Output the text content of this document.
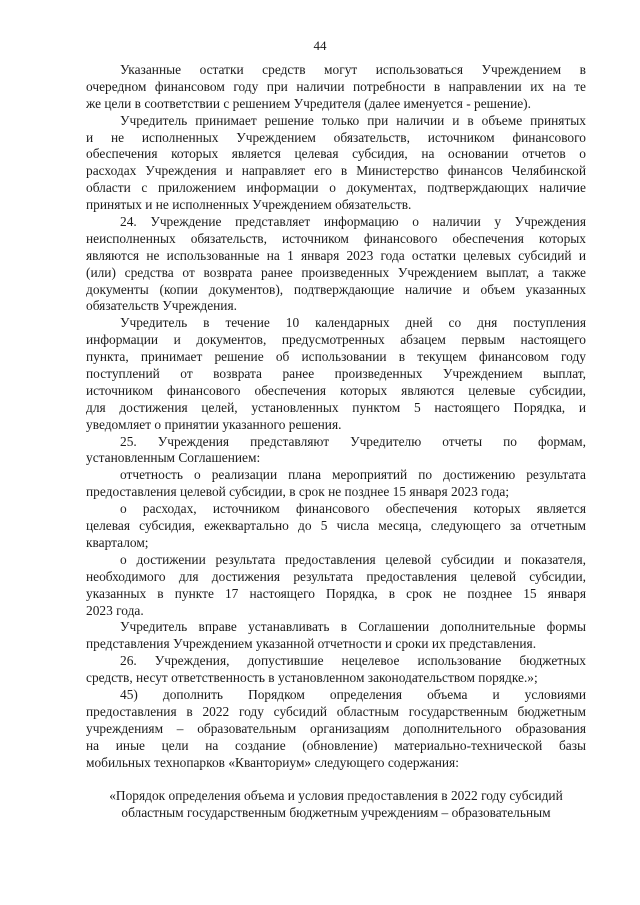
44
Указанные остатки средств могут использоваться Учреждением в
очередном финансовом году при наличии потребности в направлении их на те
же цели в соответствии с решением Учредителя (далее именуется - решение).
Учредитель принимает решение только при наличии и в объеме принятых
и не исполненных Учреждением обязательств, источником финансового
обеспечения которых является целевая субсидия, на основании отчетов о
расходах Учреждения и направляет его в Министерство финансов Челябинской
области с приложением информации о документах, подтверждающих наличие
принятых и не исполненных Учреждением обязательств.
24. Учреждение представляет информацию о наличии у Учреждения
неисполненных обязательств, источником финансового обеспечения которых
являются не использованные на 1 января 2023 года остатки целевых субсидий и
(или) средства от возврата ранее произведенных Учреждением выплат, а также
документы (копии документов), подтверждающие наличие и объем указанных
обязательств Учреждения.
Учредитель в течение 10 календарных дней со дня поступления
информации и документов, предусмотренных абзацем первым настоящего
пункта, принимает решение об использовании в текущем финансовом году
поступлений от возврата ранее произведенных Учреждением выплат,
источником финансового обеспечения которых являются целевые субсидии,
для достижения целей, установленных пунктом 5 настоящего Порядка, и
уведомляет о принятии указанного решения.
25. Учреждения представляют Учредителю отчеты по формам,
установленным Соглашением:
отчетность о реализации плана мероприятий по достижению результата
предоставления целевой субсидии, в срок не позднее 15 января 2023 года;
о расходах, источником финансового обеспечения которых является
целевая субсидия, ежеквартально до 5 числа месяца, следующего за отчетным
кварталом;
о достижении результата предоставления целевой субсидии и показателя,
необходимого для достижения результата предоставления целевой субсидии,
указанных в пункте 17 настоящего Порядка, в срок не позднее 15 января
2023 года.
Учредитель вправе устанавливать в Соглашении дополнительные формы
представления Учреждением указанной отчетности и сроки их представления.
26. Учреждения, допустившие нецелевое использование бюджетных
средств, несут ответственность в установленном законодательством порядке.»;
45) дополнить Порядком определения объема и условиями
предоставления в 2022 году субсидий областным государственным бюджетным
учреждениям – образовательным организациям дополнительного образования
на иные цели на создание (обновление) материально-технической базы
мобильных технопарков «Кванториум» следующего содержания:
«Порядок определения объема и условия предоставления в 2022 году субсидий
областным государственным бюджетным учреждениям – образовательным
